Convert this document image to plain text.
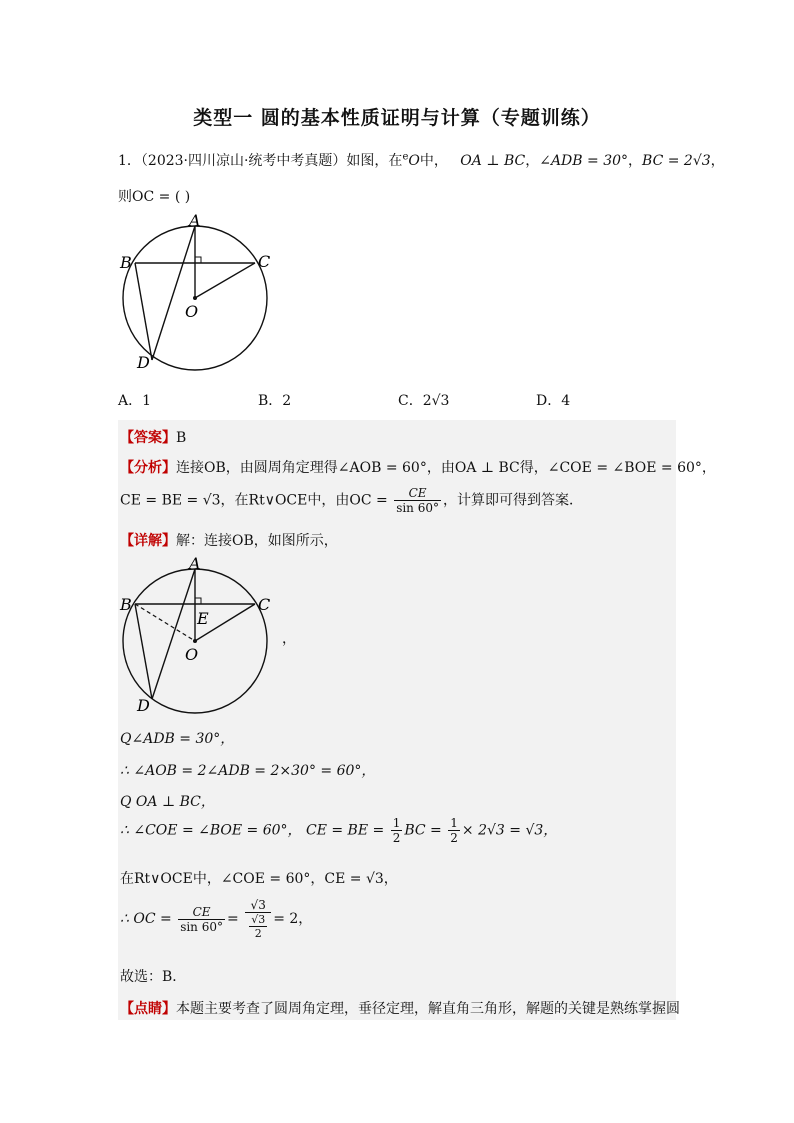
类型一 圆的基本性质证明与计算（专题训练）
1．（2023·四川凉山·统考中考真题）如图，在$^e$O中， OA ⊥ BC，∠ADB = 30°，BC = 2√3，
则OC = ( )
A
B	C
O
D
A．1	B．2	C．2√3	D．4
【答案】B
【分析】连接OB，由圆周角定理得∠AOB = 60°，由OA ⊥ BC得，∠COE = ∠BOE = 60°，
CE = BE = √3，在Rt∨OCE中，由OC = $\frac{CE}{\sin 60^\circ}$ ，计算即可得到答案．
【详解】解：连接OB，如图所示，
A
B	C
E
O
D
，
Q∠ADB = 30°，
∴ ∠AOB = 2∠ADB = 2×30° = 60°，
Q OA ⊥ BC，
∴ ∠COE = ∠BOE = 60°， CE = BE = $\frac{1}{2}$ BC = $\frac{1}{2} \times 2√3 = √3$，
在Rt∨OCE中，∠COE = 60°，CE = √3，
∴ OC = $\frac{CE}{\sin 60^\circ} = \frac{√3}{\frac{√3}{2}} = 2$，
故选：B．
【点睛】本题主要考查了圆周角定理，垂径定理，解直角三角形，解题的关键是熟练掌握圆
